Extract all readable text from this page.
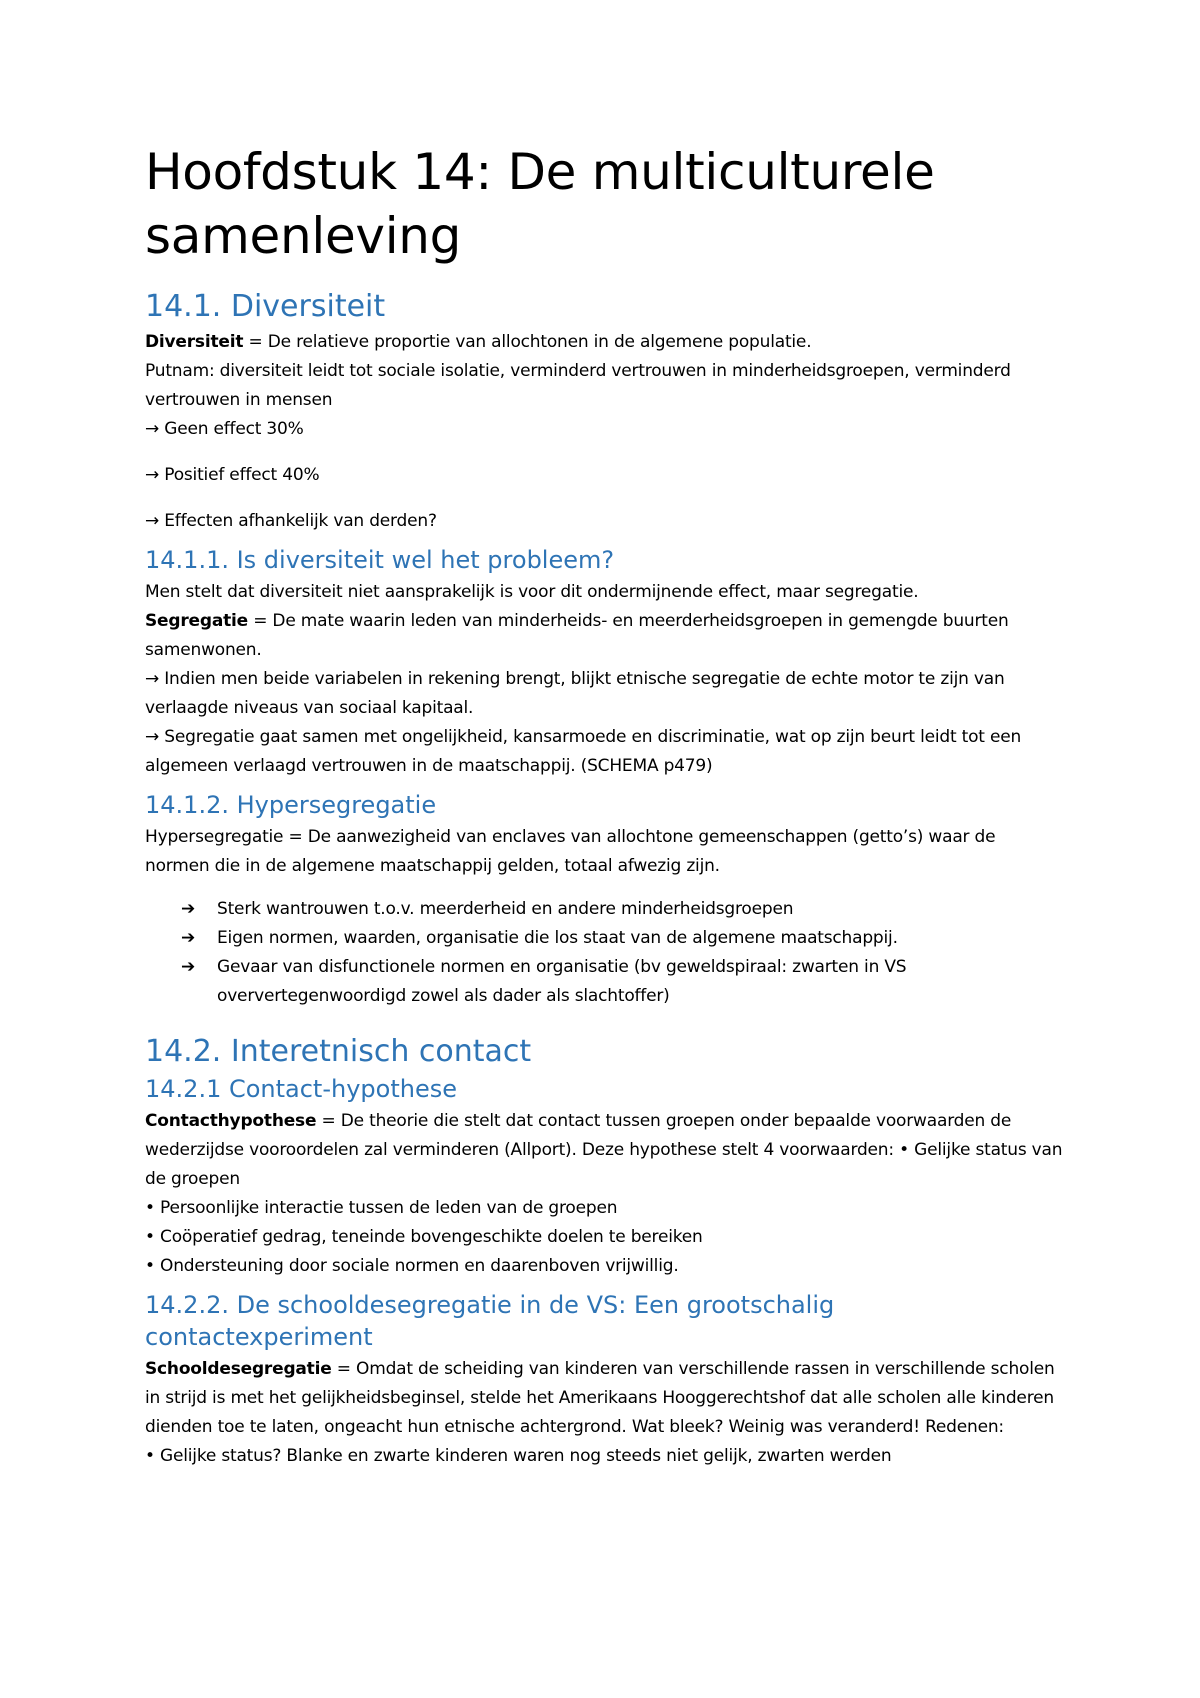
Hoofdstuk 14: De multiculturele samenleving
14.1. Diversiteit

Diversiteit = De relatieve proportie van allochtonen in de algemene populatie.

Putnam: diversiteit leidt tot sociale isolatie, verminderd vertrouwen in minderheidsgroepen, verminderd vertrouwen in mensen

→ Geen effect 30%

→ Positief effect 40%

→ Effecten afhankelijk van derden?

14.1.1. Is diversiteit wel het probleem?

Men stelt dat diversiteit niet aansprakelijk is voor dit ondermijnende effect, maar segregatie.

Segregatie = De mate waarin leden van minderheids- en meerderheidsgroepen in gemengde buurten samenwonen.

→ Indien men beide variabelen in rekening brengt, blijkt etnische segregatie de echte motor te zijn van verlaagde niveaus van sociaal kapitaal.

→ Segregatie gaat samen met ongelijkheid, kansarmoede en discriminatie, wat op zijn beurt leidt tot een algemeen verlaagd vertrouwen in de maatschappij. (SCHEMA p479)

14.1.2. Hypersegregatie

Hypersegregatie = De aanwezigheid van enclaves van allochtone gemeenschappen (getto’s) waar de normen die in de algemene maatschappij gelden, totaal afwezig zijn.

➔ Sterk wantrouwen t.o.v. meerderheid en andere minderheidsgroepen
➔ Eigen normen, waarden, organisatie die los staat van de algemene maatschappij.
➔ Gevaar van disfunctionele normen en organisatie (bv geweldspiraal: zwarten in VS oververtegenwoordigd zowel als dader als slachtoffer)
14.2. Interetnisch contact
14.2.1 Contact-hypothese

Contacthypothese = De theorie die stelt dat contact tussen groepen onder bepaalde voorwaarden de wederzijdse vooroordelen zal verminderen (Allport). Deze hypothese stelt 4 voorwaarden: • Gelijke status van de groepen

• Persoonlijke interactie tussen de leden van de groepen

• Coöperatief gedrag, teneinde bovengeschikte doelen te bereiken

• Ondersteuning door sociale normen en daarenboven vrijwillig.

14.2.2. De schooldesegregatie in de VS: Een grootschalig contactexperiment

Schooldesegregatie = Omdat de scheiding van kinderen van verschillende rassen in verschillende scholen in strijd is met het gelijkheidsbeginsel, stelde het Amerikaans Hooggerechtshof dat alle scholen alle kinderen dienden toe te laten, ongeacht hun etnische achtergrond. Wat bleek? Weinig was veranderd! Redenen:

• Gelijke status? Blanke en zwarte kinderen waren nog steeds niet gelijk, zwarten werden
